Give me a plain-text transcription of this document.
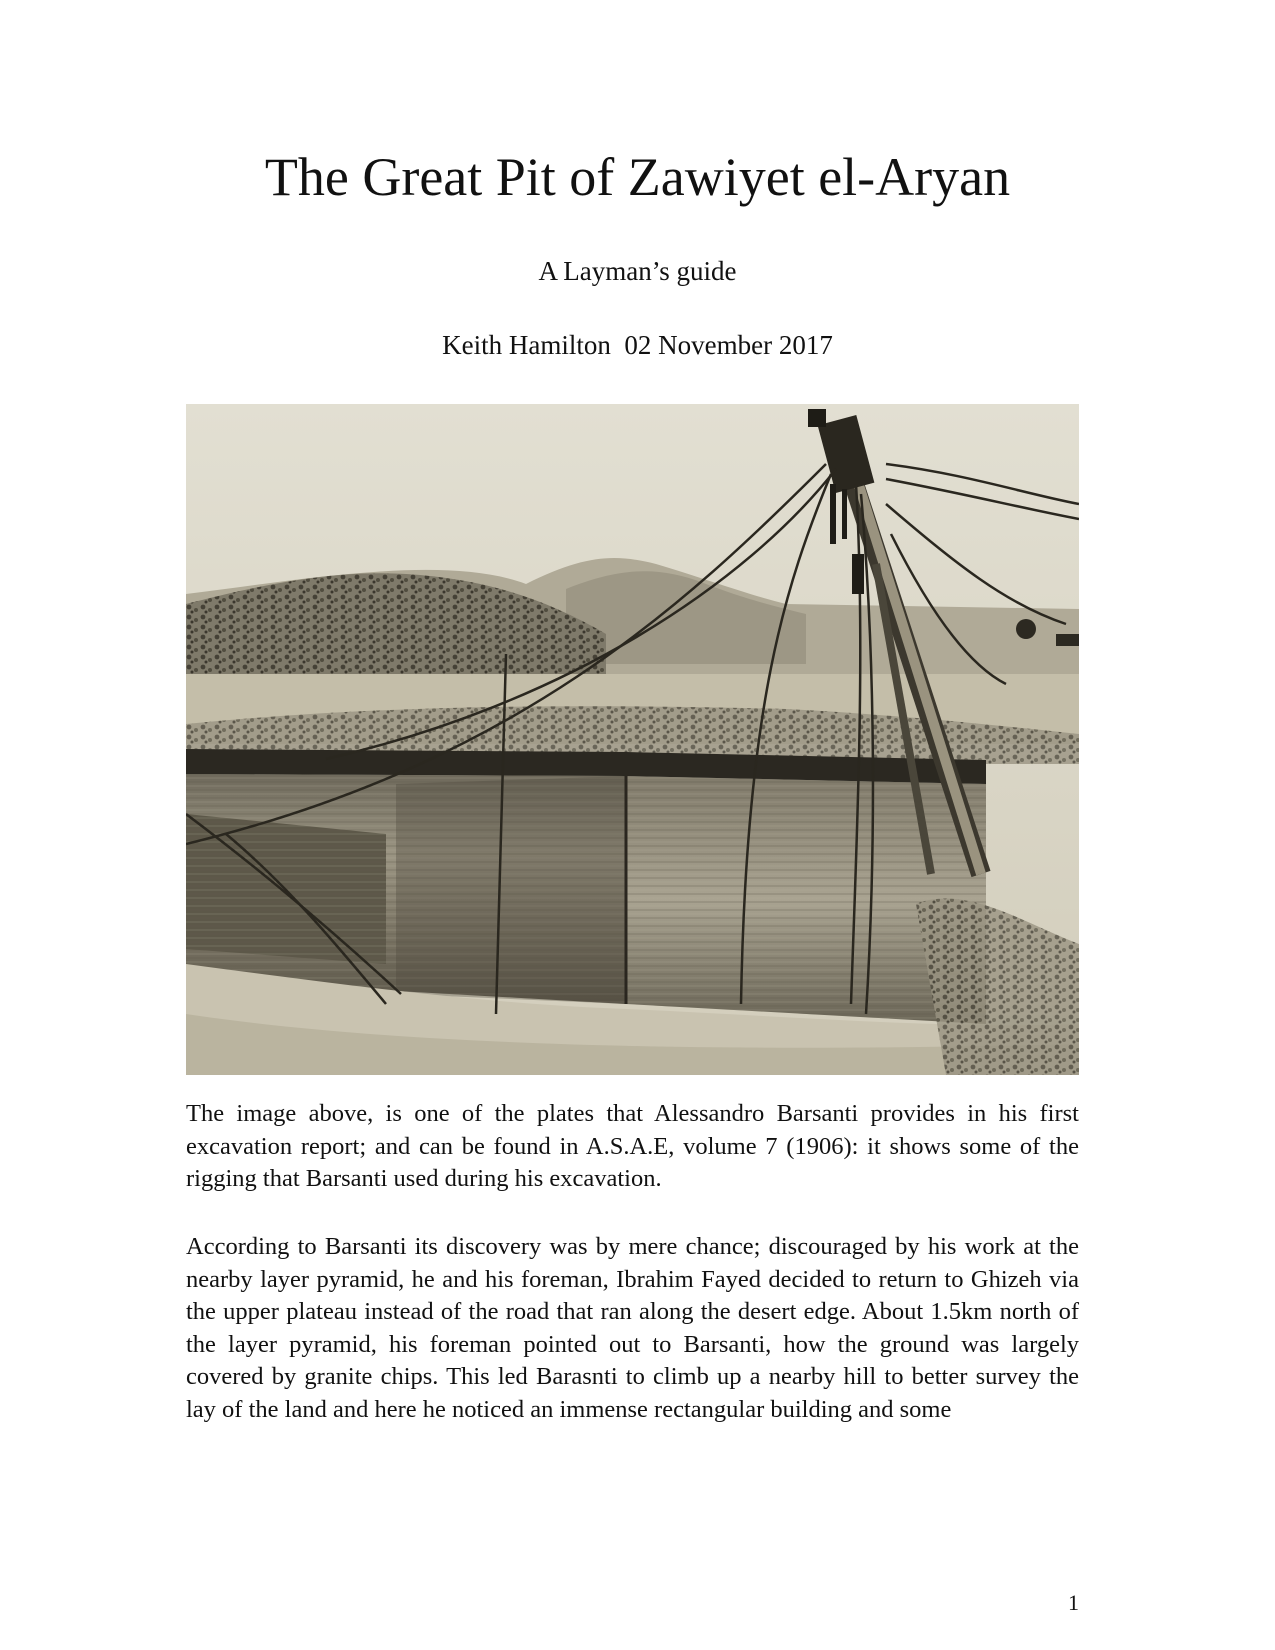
The Great Pit of Zawiyet el-Aryan
A Layman’s guide
Keith Hamilton  02 November 2017

The image above, is one of the plates that Alessandro Barsanti provides in his first excavation report; and can be found in A.S.A.E, volume 7 (1906): it shows some of the rigging that Barsanti used during his excavation.

According to Barsanti its discovery was by mere chance; discouraged by his work at the nearby layer pyramid, he and his foreman, Ibrahim Fayed decided to return to Ghizeh via the upper plateau instead of the road that ran along the desert edge. About 1.5km north of the layer pyramid, his foreman pointed out to Barsanti, how the ground was largely covered by granite chips. This led Barasnti to climb up a nearby hill to better survey the lay of the land and here he noticed an immense rectangular building and some

1
